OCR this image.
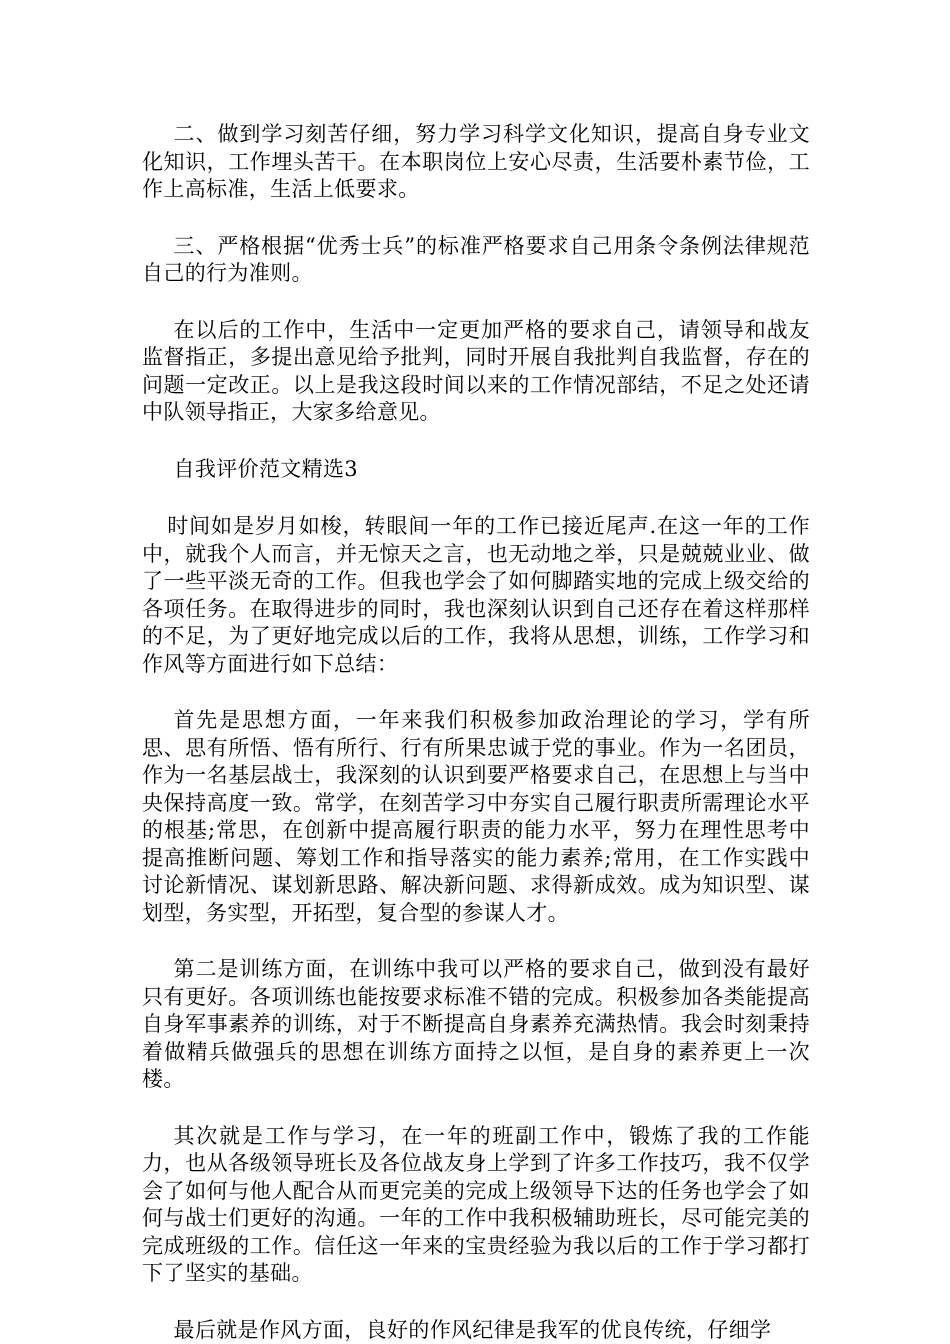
二、做到学习刻苦仔细，努力学习科学文化知识，提高自身专业文化知识，工作埋头苦干。在本职岗位上安心尽责，生活要朴素节俭，工作上高标准，生活上低要求。

三、严格根据“优秀士兵”的标准严格要求自己用条令条例法律规范自己的行为准则。

在以后的工作中，生活中一定更加严格的要求自己，请领导和战友监督指正，多提出意见给予批判，同时开展自我批判自我监督，存在的问题一定改正。以上是我这段时间以来的工作情况部结，不足之处还请中队领导指正，大家多给意见。

自我评价范文精选3

时间如是岁月如梭，转眼间一年的工作已接近尾声.在这一年的工作中，就我个人而言，并无惊天之言，也无动地之举，只是兢兢业业、做了一些平淡无奇的工作。但我也学会了如何脚踏实地的完成上级交给的各项任务。在取得进步的同时，我也深刻认识到自己还存在着这样那样的不足，为了更好地完成以后的工作，我将从思想，训练，工作学习和作风等方面进行如下总结：

首先是思想方面，一年来我们积极参加政治理论的学习，学有所思、思有所悟、悟有所行、行有所果忠诚于党的事业。作为一名团员，作为一名基层战士，我深刻的认识到要严格要求自己，在思想上与当中央保持高度一致。常学，在刻苦学习中夯实自己履行职责所需理论水平的根基;常思，在创新中提高履行职责的能力水平，努力在理性思考中提高推断问题、筹划工作和指导落实的能力素养;常用，在工作实践中讨论新情况、谋划新思路、解决新问题、求得新成效。成为知识型、谋划型，务实型，开拓型，复合型的参谋人才。

第二是训练方面，在训练中我可以严格的要求自己，做到没有最好只有更好。各项训练也能按要求标准不错的完成。积极参加各类能提高自身军事素养的训练，对于不断提高自身素养充满热情。我会时刻秉持着做精兵做强兵的思想在训练方面持之以恒，是自身的素养更上一次楼。

其次就是工作与学习，在一年的班副工作中，锻炼了我的工作能力，也从各级领导班长及各位战友身上学到了许多工作技巧，我不仅学会了如何与他人配合从而更完美的完成上级领导下达的任务也学会了如何与战士们更好的沟通。一年的工作中我积极辅助班长，尽可能完美的完成班级的工作。信任这一年来的宝贵经验为我以后的工作于学习都打下了坚实的基础。

最后就是作风方面，良好的作风纪律是我军的优良传统，仔细学
